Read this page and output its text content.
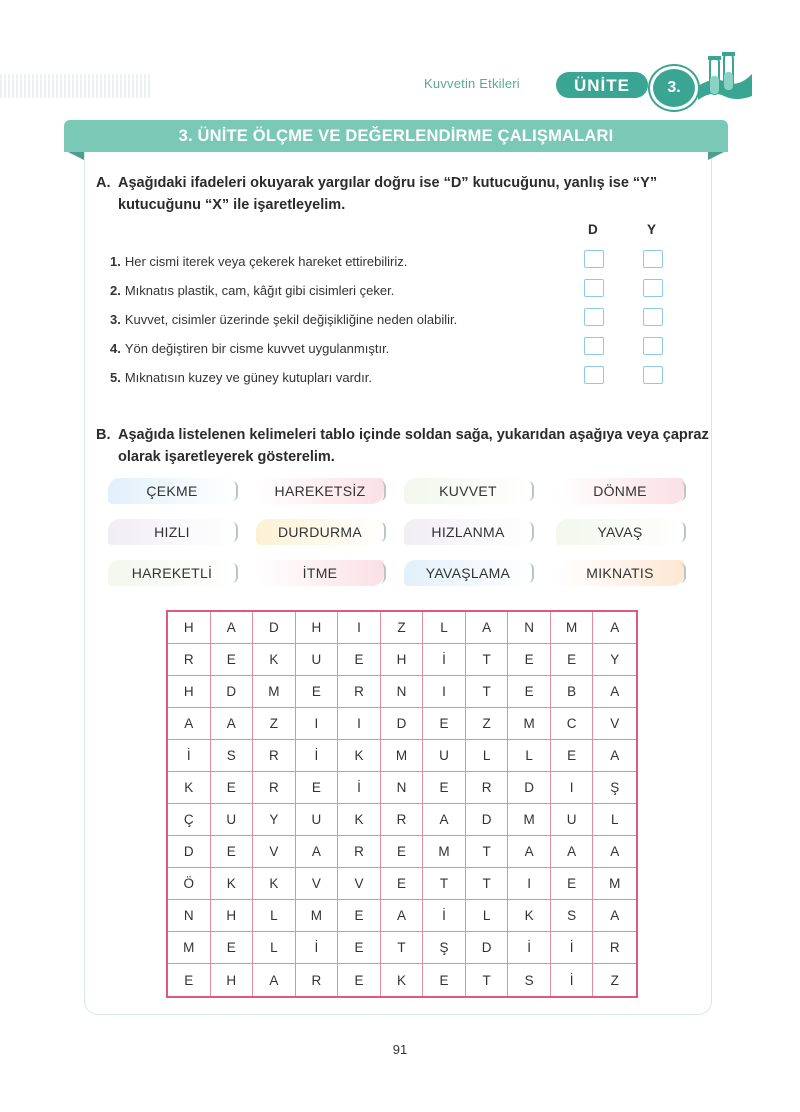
Kuvvetin Etkileri	ÜNİTE	3.
3. ÜNİTE ÖLÇME VE DEĞERLENDİRME ÇALIŞMALARI
A. Aşağıdaki ifadeleri okuyarak yargılar doğru ise “D” kutucuğunu, yanlış ise “Y” kutucuğunu “X” ile işaretleyelim.
D	Y
1. Her cismi iterek veya çekerek hareket ettirebiliriz.
2. Mıknatıs plastik, cam, kâğıt gibi cisimleri çeker.
3. Kuvvet, cisimler üzerinde şekil değişikliğine neden olabilir.
4. Yön değiştiren bir cisme kuvvet uygulanmıştır.
5. Mıknatısın kuzey ve güney kutupları vardır.
B. Aşağıda listelenen kelimeleri tablo içinde soldan sağa, yukarıdan aşağıya veya çapraz olarak işaretleyerek gösterelim.
ÇEKME	HAREKETSİZ	KUVVET	DÖNME
HIZLI	DURDURMA	HIZLANMA	YAVAŞ
HAREKETLİ	İTME	YAVAŞLAMA	MIKNATIS
H	A	D	H	I	Z	L	A	N	M	A
R	E	K	U	E	H	İ	T	E	E	Y
H	D	M	E	R	N	I	T	E	B	A
A	A	Z	I	I	D	E	Z	M	C	V
İ	S	R	İ	K	M	U	L	L	E	A
K	E	R	E	İ	N	E	R	D	I	Ş
Ç	U	Y	U	K	R	A	D	M	U	L
D	E	V	A	R	E	M	T	A	A	A
Ö	K	K	V	V	E	T	T	I	E	M
N	H	L	M	E	A	İ	L	K	S	A
M	E	L	İ	E	T	Ş	D	İ	İ	R
E	H	A	R	E	K	E	T	S	İ	Z
91
